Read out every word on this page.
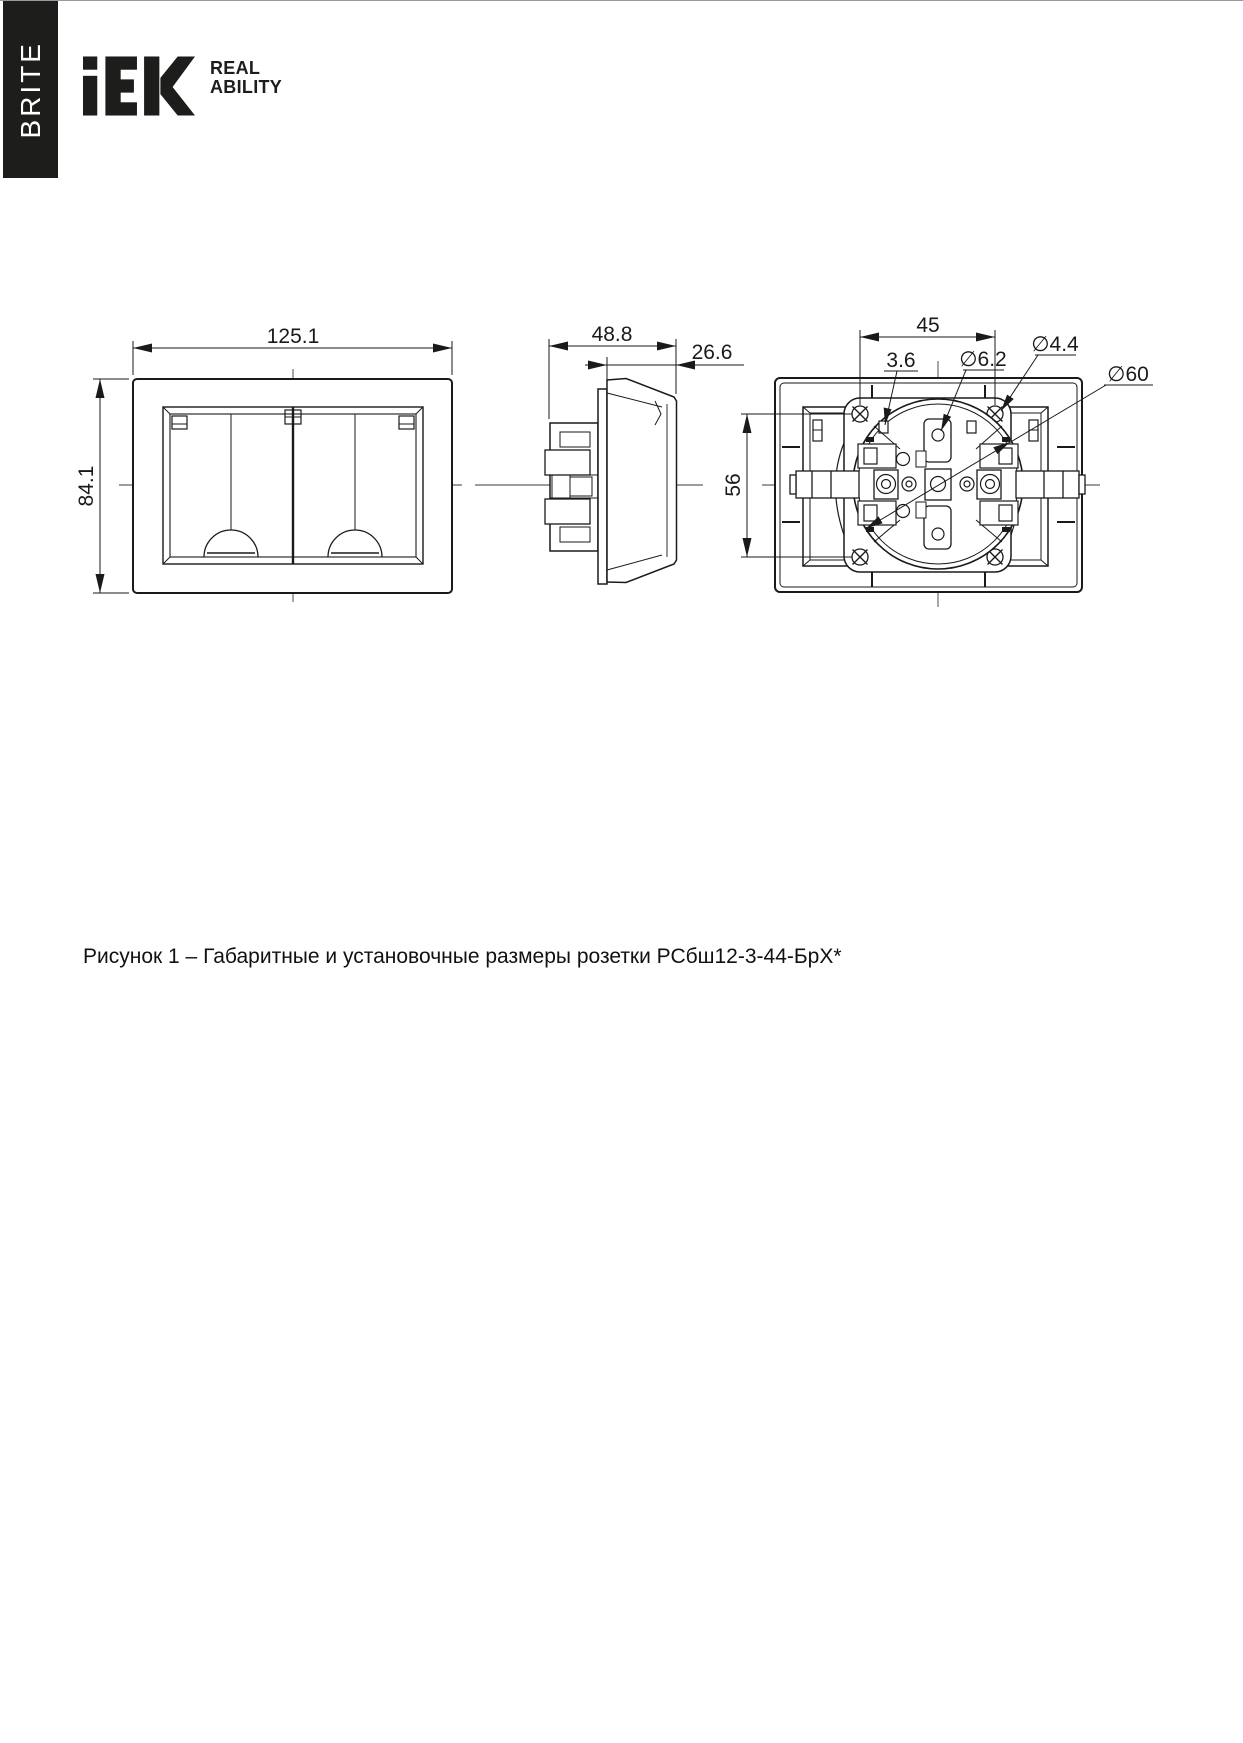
BRITE	REAL
ABILITY
125.1
84.1
48.8
26.6
45
56
3.6 ∅6.2
∅4.4
∅60
Рисунок 1 – Габаритные и установочные размеры розетки РСбш12-3-44-БрХ*
